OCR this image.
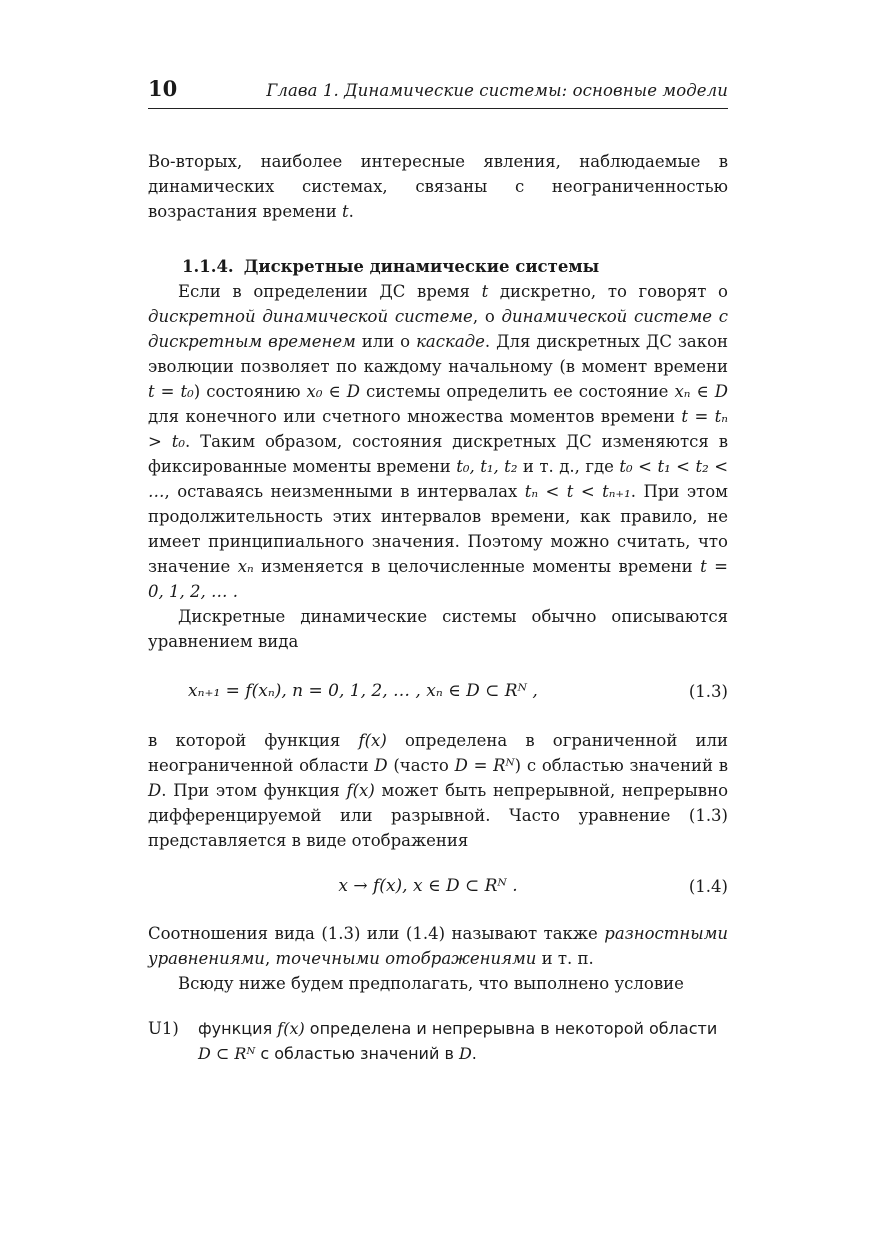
10	Глава 1. Динамические системы: основные модели

Во-вторых, наиболее интересные явления, наблюдаемые в динамических системах, связаны с неограниченностью возрастания времени t.

1.1.4. Дискретные динамические системы

Если в определении ДС время t дискретно, то говорят о дискретной динамической системе, о динамической системе с дискретным временем или о каскаде. Для дискретных ДС закон эволюции позволяет по каждому начальному (в момент времени t = t₀) состоянию x₀ ∈ D системы определить ее состояние xₙ ∈ D для конечного или счетного множества моментов времени t = tₙ > t₀. Таким образом, состояния дискретных ДС изменяются в фиксированные моменты времени t₀, t₁, t₂ и т. д., где t₀ < t₁ < t₂ < …, оставаясь неизменными в интервалах tₙ < t < tₙ₊₁. При этом продолжительность этих интервалов времени, как правило, не имеет принципиального значения. Поэтому можно считать, что значение xₙ изменяется в целочисленные моменты времени t = 0, 1, 2, … .

Дискретные динамические системы обычно описываются уравнением вида

xₙ₊₁ = f(xₙ), n = 0, 1, 2, … , xₙ ∈ D ⊂ Rᴺ ,	(1.3)

в которой функция f(x) определена в ограниченной или неограниченной области D (часто D = Rᴺ) с областью значений в D. При этом функция f(x) может быть непрерывной, непрерывно дифференцируемой или разрывной. Часто уравнение (1.3) представляется в виде отображения

x → f(x), x ∈ D ⊂ Rᴺ .	(1.4)

Соотношения вида (1.3) или (1.4) называют также разностными уравнениями, точечными отображениями и т. п.

Всюду ниже будем предполагать, что выполнено условие

U1)	функция f(x) определена и непрерывна в некоторой области D ⊂ Rᴺ с областью значений в D.
